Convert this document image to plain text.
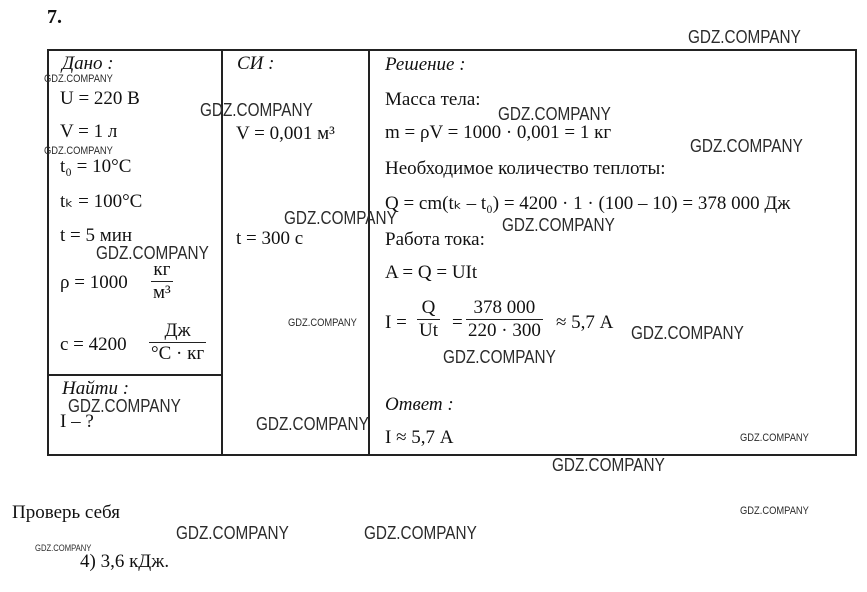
7.
Дано :
U = 220 В
V = 1 л
t₀ = 10°C
tₖ = 100°C
t = 5 мин
ρ = 1000
кг
м³
c = 4200
Дж
°C · кг
Найти :
I – ?
СИ :
V = 0,001 м³
t = 300 с
Решение :
Масса тела:
m = ρV = 1000 · 0,001 = 1 кг
Необходимое количество теплоты:
Q = cm(tₖ – t₀) = 4200 · 1 · (100 – 10) = 378 000 Дж
Работа тока:
A = Q = UIt
I =
Q
Ut =
378 000
220 · 300 ≈ 5,7 А
Ответ :
I ≈ 5,7 А
Проверь себя
4) 3,6 кДж.
GDZ.COMPANY
GDZ.COMPANY
GDZ.COMPANY
GDZ.COMPANY	GDZ.COMPANY
GDZ.COMPANY
GDZ.COMPANY	GDZ.COMPANY
GDZ.COMPANY
GDZ.COMPANY	GDZ.COMPANY
GDZ.COMPANY
GDZ.COMPANY
GDZ.COMPANY
GDZ.COMPANY
GDZ.COMPANY
GDZ.COMPANY
GDZ.COMPANY	GDZ.COMPANY
GDZ.COMPANY
